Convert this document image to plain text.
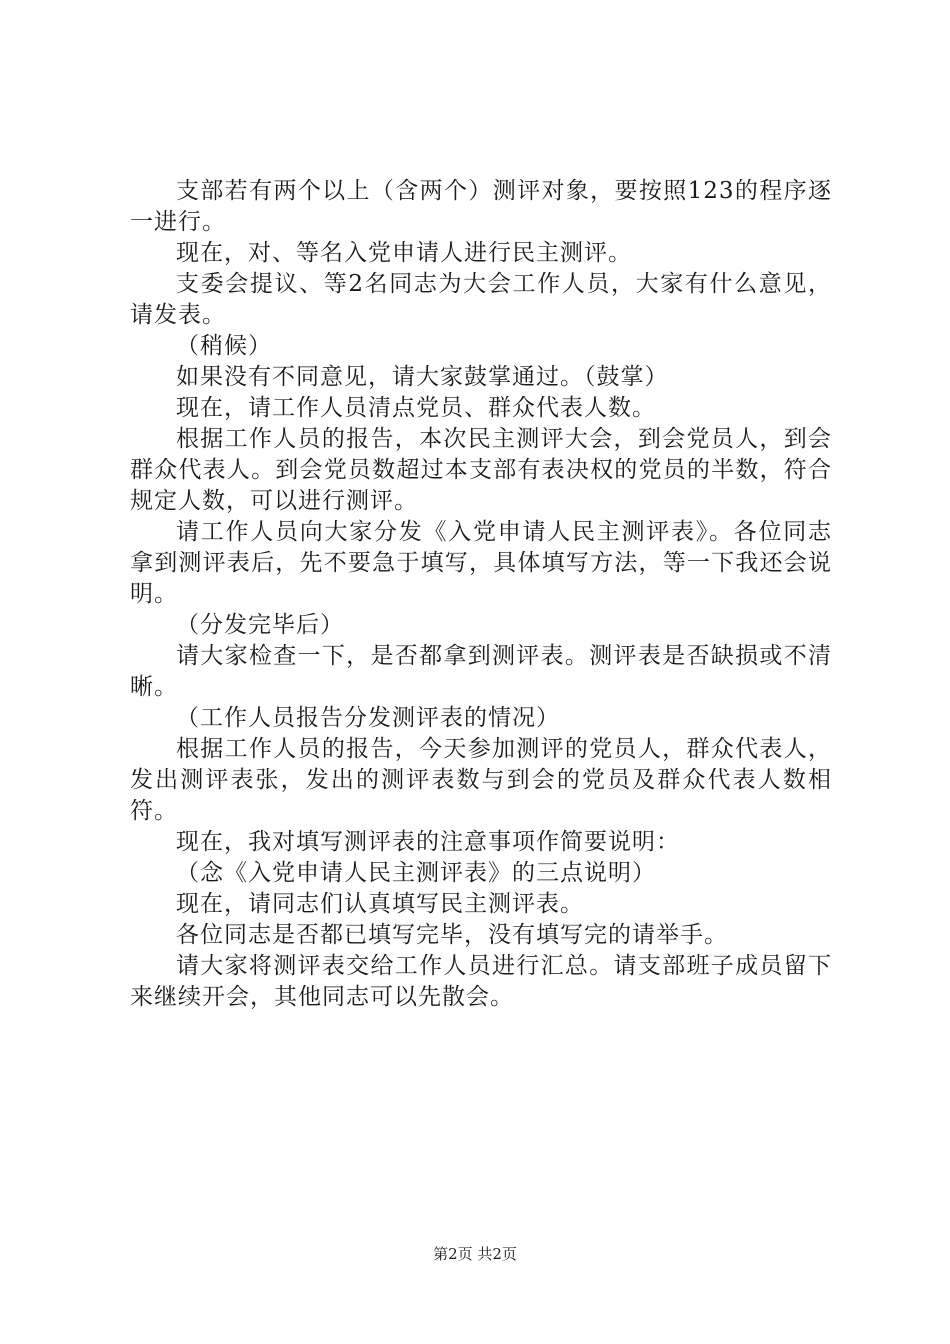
支部若有两个以上（含两个）测评对象，要按照123的程序逐一进行。

现在，对、等名入党申请人进行民主测评。

支委会提议、等2名同志为大会工作人员，大家有什么意见，请发表。

（稍候）

如果没有不同意见，请大家鼓掌通过。（鼓掌）

现在，请工作人员清点党员、群众代表人数。

根据工作人员的报告，本次民主测评大会，到会党员人，到会群众代表人。到会党员数超过本支部有表决权的党员的半数，符合规定人数，可以进行测评。

请工作人员向大家分发《入党申请人民主测评表》。各位同志拿到测评表后，先不要急于填写，具体填写方法，等一下我还会说明。

（分发完毕后）

请大家检查一下，是否都拿到测评表。测评表是否缺损或不清晰。

（工作人员报告分发测评表的情况）

根据工作人员的报告，今天参加测评的党员人，群众代表人，发出测评表张，发出的测评表数与到会的党员及群众代表人数相符。

现在，我对填写测评表的注意事项作简要说明：

（念《入党申请人民主测评表》的三点说明）

现在，请同志们认真填写民主测评表。

各位同志是否都已填写完毕，没有填写完的请举手。

请大家将测评表交给工作人员进行汇总。请支部班子成员留下来继续开会，其他同志可以先散会。

第2页 共2页
